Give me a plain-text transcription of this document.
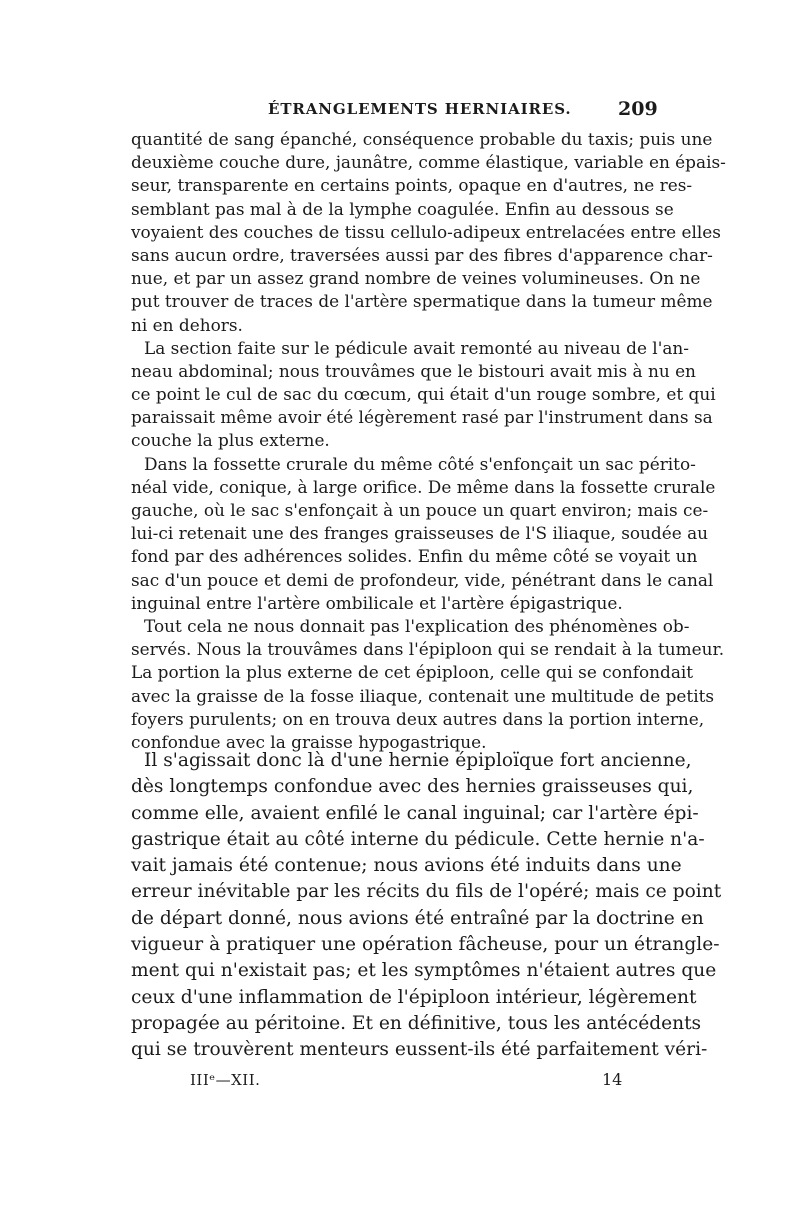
ÉTRANGLEMENTS HERNIAIRES. 209
quantité de sang épanché, conséquence probable du taxis; puis une
deuxième couche dure, jaunâtre, comme élastique, variable en épais-
seur, transparente en certains points, opaque en d'autres, ne res-
semblant pas mal à de la lymphe coagulée. Enfin au dessous se
voyaient des couches de tissu cellulo-adipeux entrelacées entre elles
sans aucun ordre, traversées aussi par des fibres d'apparence char-
nue, et par un assez grand nombre de veines volumineuses. On ne
put trouver de traces de l'artère spermatique dans la tumeur même
ni en dehors.
La section faite sur le pédicule avait remonté au niveau de l'an-
neau abdominal; nous trouvâmes que le bistouri avait mis à nu en
ce point le cul de sac du cœcum, qui était d'un rouge sombre, et qui
paraissait même avoir été légèrement rasé par l'instrument dans sa
couche la plus externe.
Dans la fossette crurale du même côté s'enfonçait un sac périto-
néal vide, conique, à large orifice. De même dans la fossette crurale
gauche, où le sac s'enfonçait à un pouce un quart environ; mais ce-
lui-ci retenait une des franges graisseuses de l'S iliaque, soudée au
fond par des adhérences solides. Enfin du même côté se voyait un
sac d'un pouce et demi de profondeur, vide, pénétrant dans le canal
inguinal entre l'artère ombilicale et l'artère épigastrique.
Tout cela ne nous donnait pas l'explication des phénomènes ob-
servés. Nous la trouvâmes dans l'épiploon qui se rendait à la tumeur.
La portion la plus externe de cet épiploon, celle qui se confondait
avec la graisse de la fosse iliaque, contenait une multitude de petits
foyers purulents; on en trouva deux autres dans la portion interne,
confondue avec la graisse hypogastrique.
Il s'agissait donc là d'une hernie épiploïque fort ancienne,
dès longtemps confondue avec des hernies graisseuses qui,
comme elle, avaient enfilé le canal inguinal; car l'artère épi-
gastrique était au côté interne du pédicule. Cette hernie n'a-
vait jamais été contenue; nous avions été induits dans une
erreur inévitable par les récits du fils de l'opéré; mais ce point
de départ donné, nous avions été entraîné par la doctrine en
vigueur à pratiquer une opération fâcheuse, pour un étrangle-
ment qui n'existait pas; et les symptômes n'étaient autres que
ceux d'une inflammation de l'épiploon intérieur, légèrement
propagée au péritoine. Et en définitive, tous les antécédents
qui se trouvèrent menteurs eussent-ils été parfaitement véri-
IIIᵉ—XII.	14
